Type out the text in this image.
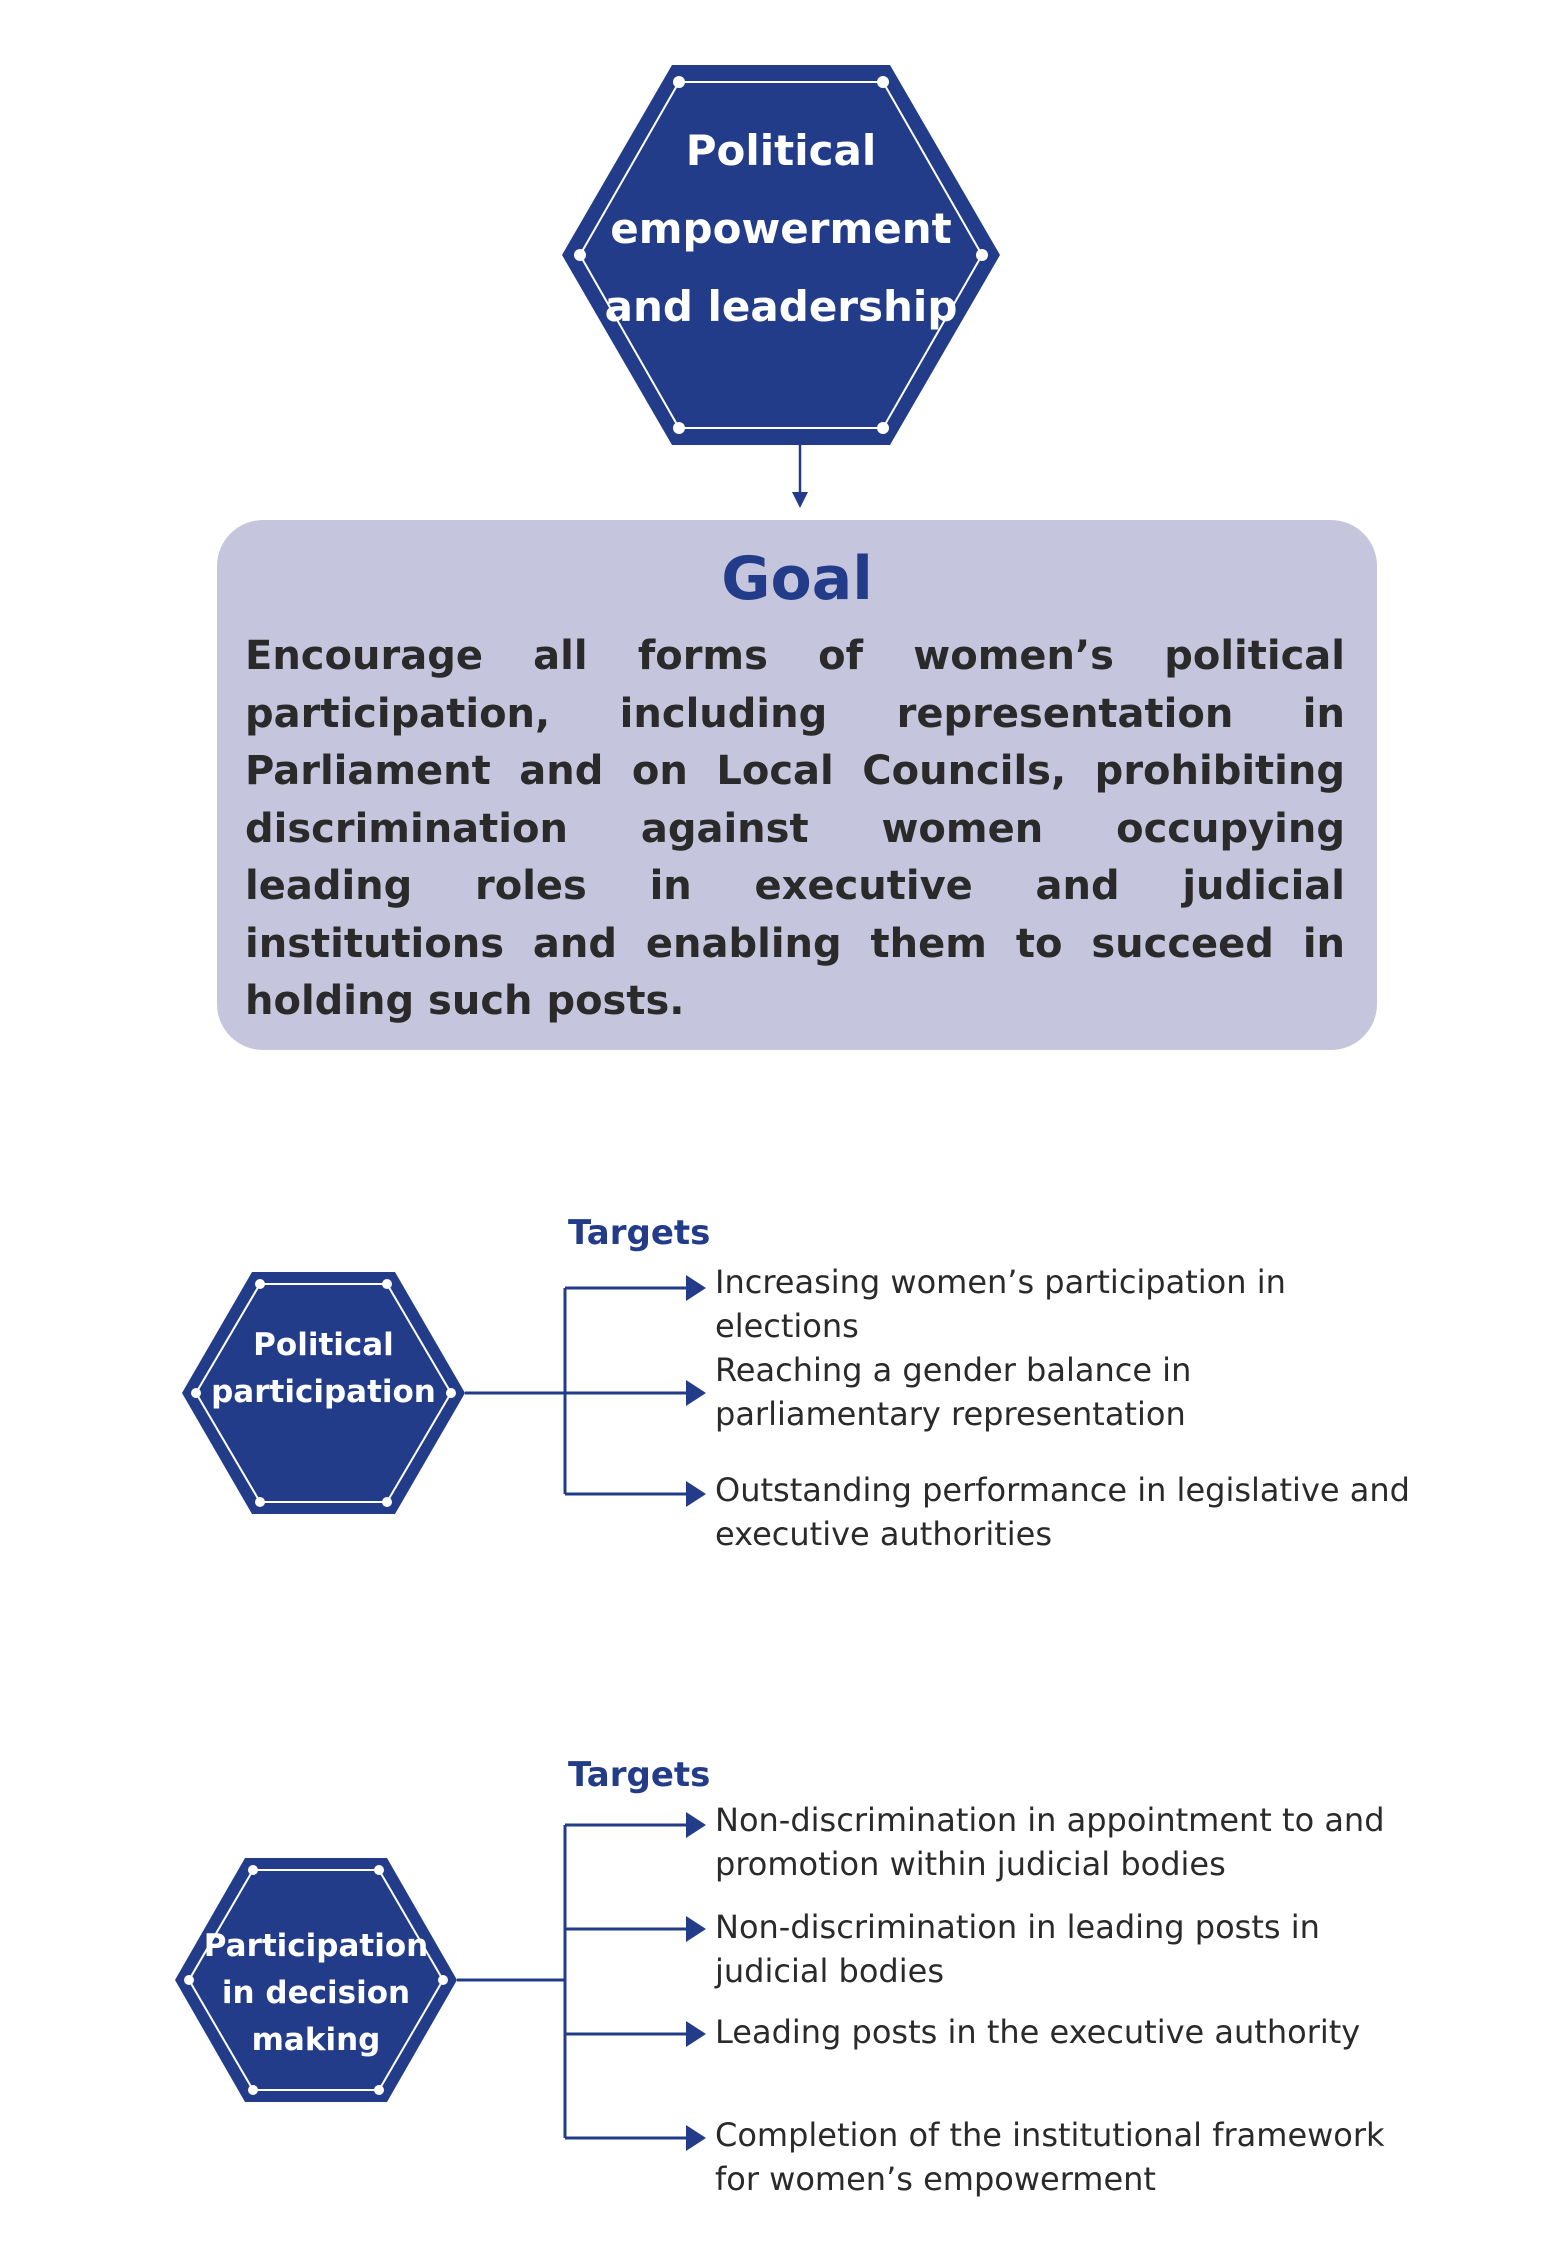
Political
empowerment
and leadership
Goal
Encourage all forms of women’s political participation, including representation in Parliament and on Local Councils, prohibiting discrimination against women occupying leading roles in executive and judicial institutions and enabling them to succeed in holding such posts.
Political
participation
Targets
Increasing women’s participation in elections
Reaching a gender balance in parliamentary representation
Outstanding performance in legislative and executive authorities
Participation
in decision
making
Targets
Non-discrimination in appointment to and promotion within judicial bodies
Non-discrimination in leading posts in judicial bodies
Leading posts in the executive authority
Completion of the institutional framework for women’s empowerment
